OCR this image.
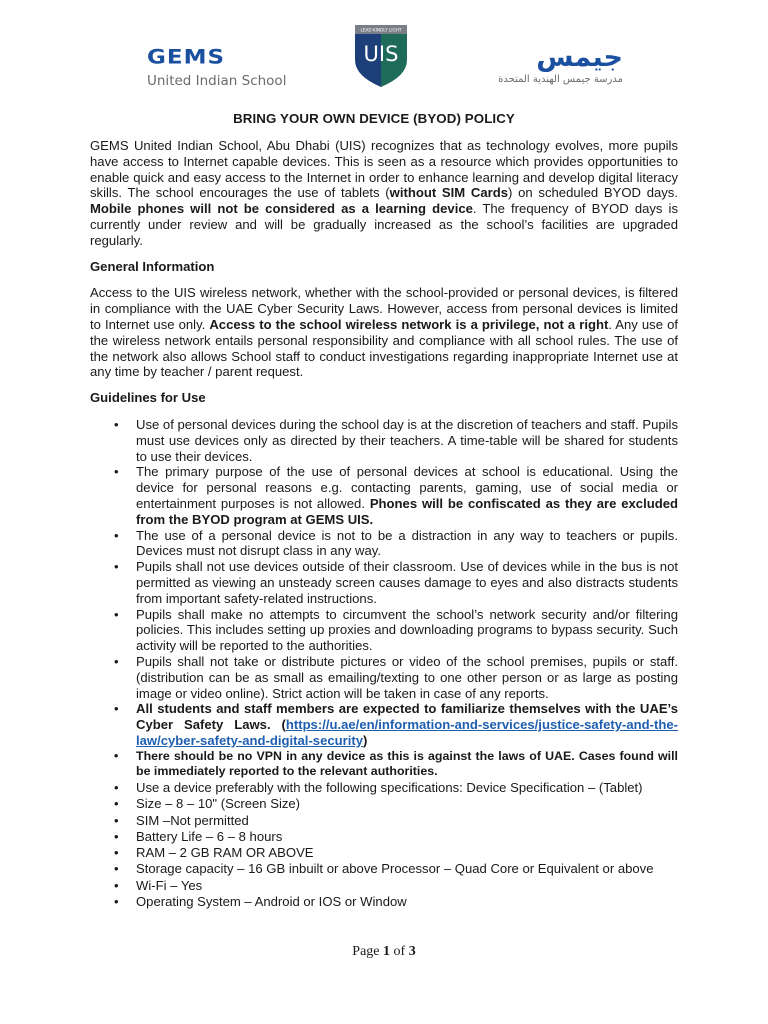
GEMS
United Indian School
LEAD KINDLY LIGHT
UIS	جيمس
مدرسة جيمس الهندية المتحدة
BRING YOUR OWN DEVICE (BYOD) POLICY

GEMS United Indian School, Abu Dhabi (UIS) recognizes that as technology evolves, more pupils have access to Internet capable devices. This is seen as a resource which provides opportunities to enable quick and easy access to the Internet in order to enhance learning and develop digital literacy skills. The school encourages the use of tablets (without SIM Cards) on scheduled BYOD days. Mobile phones will not be considered as a learning device. The frequency of BYOD days is currently under review and will be gradually increased as the school’s facilities are upgraded regularly.

General Information

Access to the UIS wireless network, whether with the school-provided or personal devices, is filtered in compliance with the UAE Cyber Security Laws. However, access from personal devices is limited to Internet use only. Access to the school wireless network is a privilege, not a right. Any use of the wireless network entails personal responsibility and compliance with all school rules. The use of the network also allows School staff to conduct investigations regarding inappropriate Internet use at any time by teacher / parent request.

Guidelines for Use

• Use of personal devices during the school day is at the discretion of teachers and staff. Pupils must use devices only as directed by their teachers. A time-table will be shared for students to use their devices.
• The primary purpose of the use of personal devices at school is educational. Using the device for personal reasons e.g. contacting parents, gaming, use of social media or entertainment purposes is not allowed. Phones will be confiscated as they are excluded from the BYOD program at GEMS UIS.
• The use of a personal device is not to be a distraction in any way to teachers or pupils. Devices must not disrupt class in any way.
• Pupils shall not use devices outside of their classroom. Use of devices while in the bus is not permitted as viewing an unsteady screen causes damage to eyes and also distracts students from important safety-related instructions.
• Pupils shall make no attempts to circumvent the school’s network security and/or filtering policies. This includes setting up proxies and downloading programs to bypass security. Such activity will be reported to the authorities.
• Pupils shall not take or distribute pictures or video of the school premises, pupils or staff. (distribution can be as small as emailing/texting to one other person or as large as posting image or video online). Strict action will be taken in case of any reports.
• All students and staff members are expected to familiarize themselves with the UAE’s Cyber Safety Laws. (https://u.ae/en/information-and-services/justice-safety-and-the-law/cyber-safety-and-digital-security)
• There should be no VPN in any device as this is against the laws of UAE. Cases found will be immediately reported to the relevant authorities.
• Use a device preferably with the following specifications: Device Specification – (Tablet)
• Size – 8 – 10" (Screen Size)
• SIM –Not permitted
• Battery Life – 6 – 8 hours
• RAM – 2 GB RAM OR ABOVE
• Storage capacity – 16 GB inbuilt or above Processor – Quad Core or Equivalent or above
• Wi-Fi – Yes
• Operating System – Android or IOS or Window
Page 1 of 3
